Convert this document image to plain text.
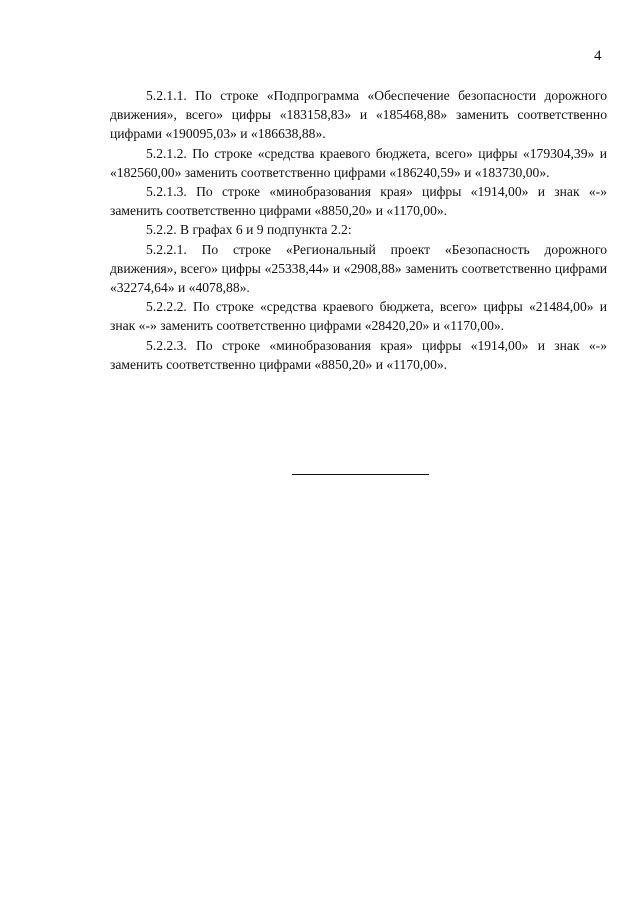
4

5.2.1.1. По строке «Подпрограмма «Обеспечение безопасности дорожного движения», всего» цифры «183158,83» и «185468,88» заменить соответственно цифрами «190095,03» и «186638,88».

5.2.1.2. По строке «средства краевого бюджета, всего» цифры «179304,39» и «182560,00» заменить соответственно цифрами «186240,59» и «183730,00».

5.2.1.3. По строке «минобразования края» цифры «1914,00» и знак «-» заменить соответственно цифрами «8850,20» и «1170,00».

5.2.2. В графах 6 и 9 подпункта 2.2:

5.2.2.1. По строке «Региональный проект «Безопасность дорожного движения», всего» цифры «25338,44» и «2908,88» заменить соответственно цифрами «32274,64» и «4078,88».

5.2.2.2. По строке «средства краевого бюджета, всего» цифры «21484,00» и знак «-» заменить соответственно цифрами «28420,20» и «1170,00».

5.2.2.3. По строке «минобразования края» цифры «1914,00» и знак «-» заменить соответственно цифрами «8850,20» и «1170,00».
